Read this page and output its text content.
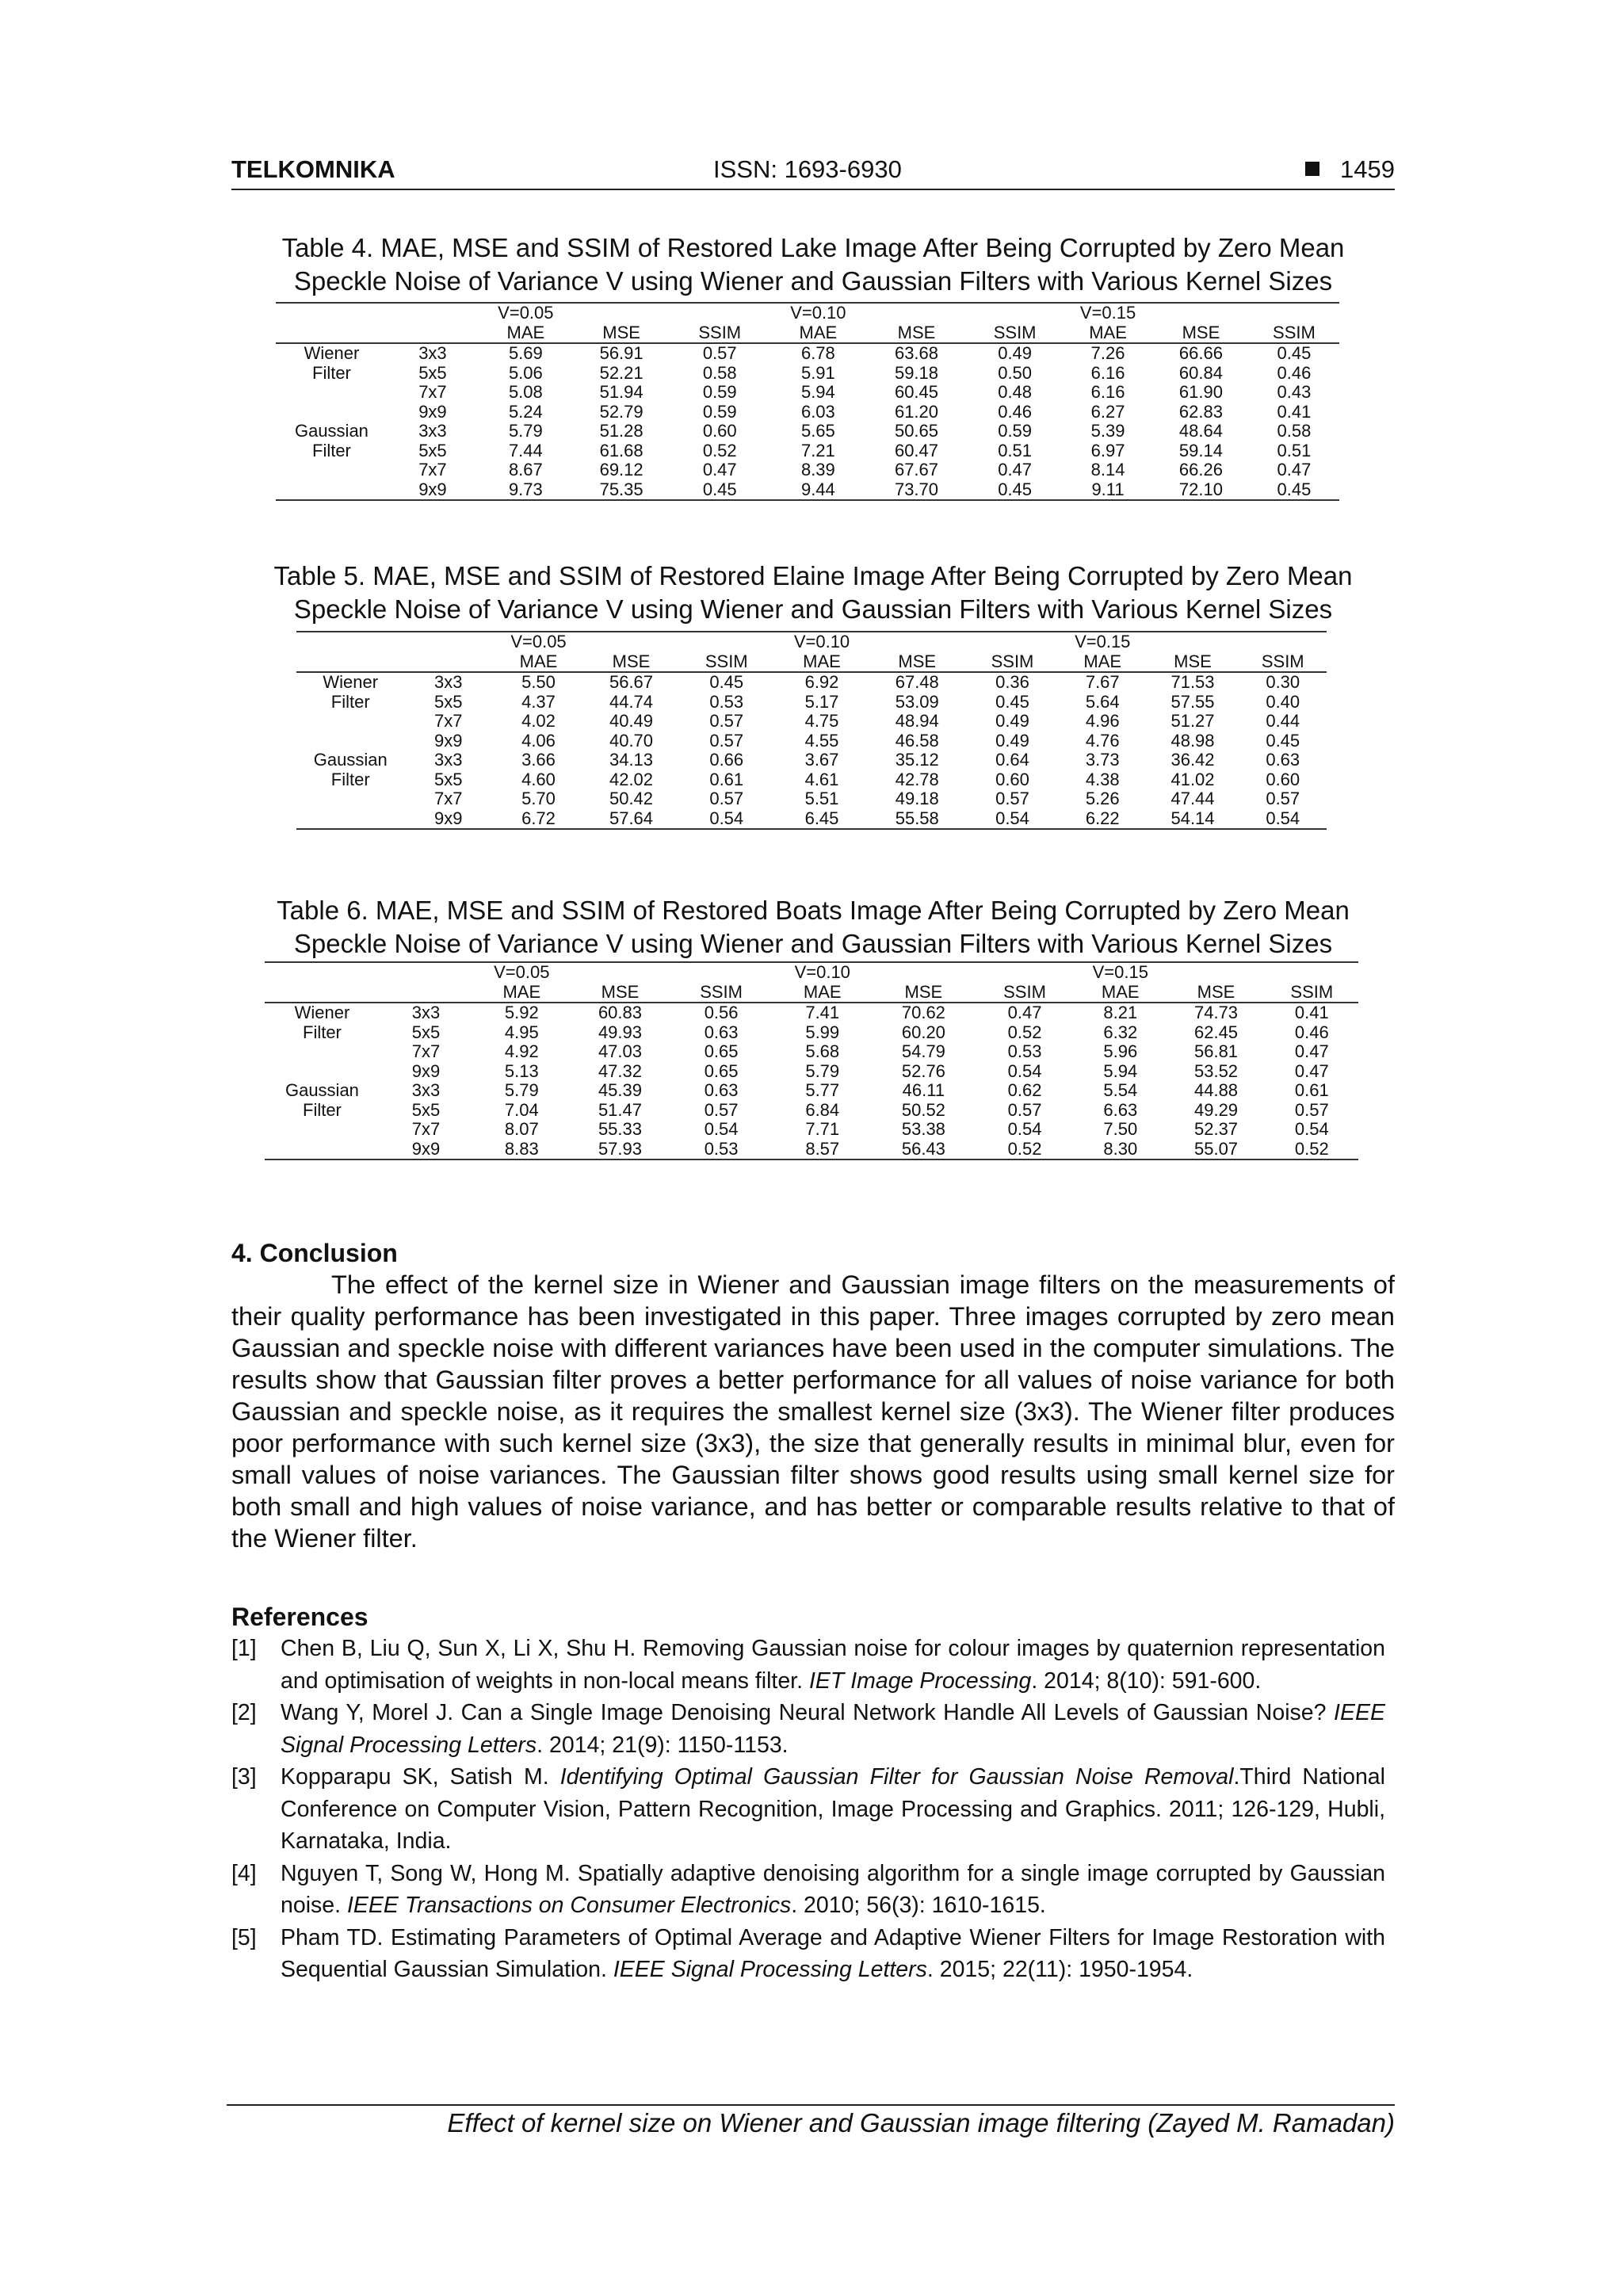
TELKOMNIKA	ISSN: 1693-6930	1459
Table 4. MAE, MSE and SSIM of Restored Lake Image After Being Corrupted by Zero Mean
Speckle Noise of Variance V using Wiener and Gaussian Filters with Various Kernel Sizes
		V=0.05			V=0.10			V=0.15		
		MAE	MSE	SSIM	MAE	MSE	SSIM	MAE	MSE	SSIM
Wiener	3x3	5.69	56.91	0.57	6.78	63.68	0.49	7.26	66.66	0.45
Filter	5x5	5.06	52.21	0.58	5.91	59.18	0.50	6.16	60.84	0.46
	7x7	5.08	51.94	0.59	5.94	60.45	0.48	6.16	61.90	0.43
	9x9	5.24	52.79	0.59	6.03	61.20	0.46	6.27	62.83	0.41
Gaussian	3x3	5.79	51.28	0.60	5.65	50.65	0.59	5.39	48.64	0.58
Filter	5x5	7.44	61.68	0.52	7.21	60.47	0.51	6.97	59.14	0.51
	7x7	8.67	69.12	0.47	8.39	67.67	0.47	8.14	66.26	0.47
	9x9	9.73	75.35	0.45	9.44	73.70	0.45	9.11	72.10	0.45
Table 5. MAE, MSE and SSIM of Restored Elaine Image After Being Corrupted by Zero Mean
Speckle Noise of Variance V using Wiener and Gaussian Filters with Various Kernel Sizes
		V=0.05			V=0.10			V=0.15		
		MAE	MSE	SSIM	MAE	MSE	SSIM	MAE	MSE	SSIM
Wiener	3x3	5.50	56.67	0.45	6.92	67.48	0.36	7.67	71.53	0.30
Filter	5x5	4.37	44.74	0.53	5.17	53.09	0.45	5.64	57.55	0.40
	7x7	4.02	40.49	0.57	4.75	48.94	0.49	4.96	51.27	0.44
	9x9	4.06	40.70	0.57	4.55	46.58	0.49	4.76	48.98	0.45
Gaussian	3x3	3.66	34.13	0.66	3.67	35.12	0.64	3.73	36.42	0.63
Filter	5x5	4.60	42.02	0.61	4.61	42.78	0.60	4.38	41.02	0.60
	7x7	5.70	50.42	0.57	5.51	49.18	0.57	5.26	47.44	0.57
	9x9	6.72	57.64	0.54	6.45	55.58	0.54	6.22	54.14	0.54
Table 6. MAE, MSE and SSIM of Restored Boats Image After Being Corrupted by Zero Mean
Speckle Noise of Variance V using Wiener and Gaussian Filters with Various Kernel Sizes
		V=0.05			V=0.10			V=0.15		
		MAE	MSE	SSIM	MAE	MSE	SSIM	MAE	MSE	SSIM
Wiener	3x3	5.92	60.83	0.56	7.41	70.62	0.47	8.21	74.73	0.41
Filter	5x5	4.95	49.93	0.63	5.99	60.20	0.52	6.32	62.45	0.46
	7x7	4.92	47.03	0.65	5.68	54.79	0.53	5.96	56.81	0.47
	9x9	5.13	47.32	0.65	5.79	52.76	0.54	5.94	53.52	0.47
Gaussian	3x3	5.79	45.39	0.63	5.77	46.11	0.62	5.54	44.88	0.61
Filter	5x5	7.04	51.47	0.57	6.84	50.52	0.57	6.63	49.29	0.57
	7x7	8.07	55.33	0.54	7.71	53.38	0.54	7.50	52.37	0.54
	9x9	8.83	57.93	0.53	8.57	56.43	0.52	8.30	55.07	0.52
4. Conclusion

The effect of the kernel size in Wiener and Gaussian image filters on the measurements of their quality performance has been investigated in this paper. Three images corrupted by zero mean Gaussian and speckle noise with different variances have been used in the computer simulations. The results show that Gaussian filter proves a better performance for all values of noise variance for both Gaussian and speckle noise, as it requires the smallest kernel size (3x3). The Wiener filter produces poor performance with such kernel size (3x3), the size that generally results in minimal blur, even for small values of noise variances. The Gaussian filter shows good results using small kernel size for both small and high values of noise variance, and has better or comparable results relative to that of the Wiener filter.

References
[1] Chen B, Liu Q, Sun X, Li X, Shu H. Removing Gaussian noise for colour images by quaternion representation and optimisation of weights in non-local means filter. IET Image Processing. 2014; 8(10): 591-600.
[2] Wang Y, Morel J. Can a Single Image Denoising Neural Network Handle All Levels of Gaussian Noise? IEEE Signal Processing Letters. 2014; 21(9): 1150-1153.
[3] Kopparapu SK, Satish M. Identifying Optimal Gaussian Filter for Gaussian Noise Removal.Third National Conference on Computer Vision, Pattern Recognition, Image Processing and Graphics. 2011; 126-129, Hubli, Karnataka, India.
[4] Nguyen T, Song W, Hong M. Spatially adaptive denoising algorithm for a single image corrupted by Gaussian noise. IEEE Transactions on Consumer Electronics. 2010; 56(3): 1610-1615.
[5] Pham TD. Estimating Parameters of Optimal Average and Adaptive Wiener Filters for Image Restoration with Sequential Gaussian Simulation. IEEE Signal Processing Letters. 2015; 22(11): 1950-1954.
Effect of kernel size on Wiener and Gaussian image filtering (Zayed M. Ramadan)
